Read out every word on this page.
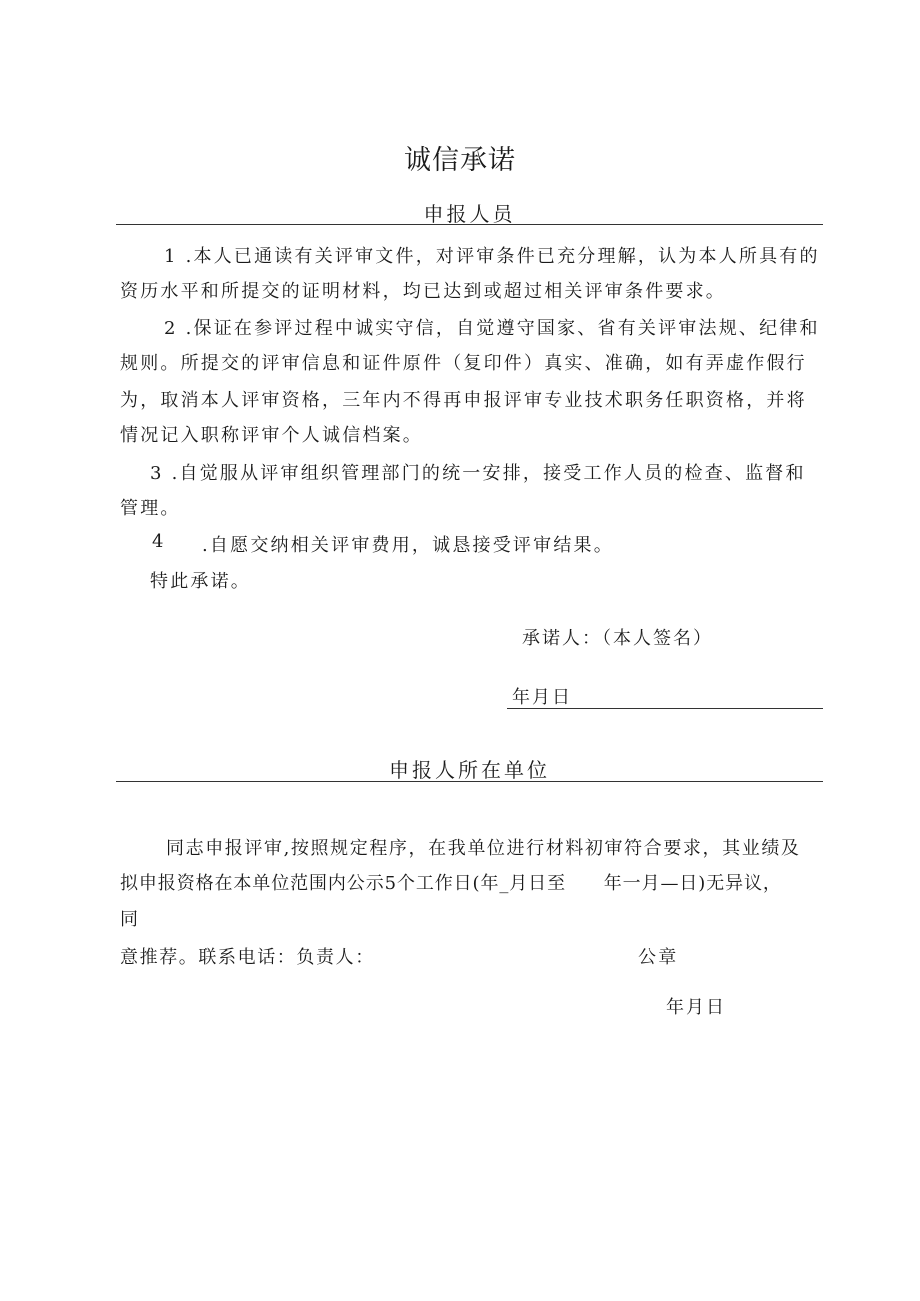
诚信承诺
申报人员
1 .本人已通读有关评审文件，对评审条件已充分理解，认为本人所具有的
资历水平和所提交的证明材料，均已达到或超过相关评审条件要求。
2 .保证在参评过程中诚实守信，自觉遵守国家、省有关评审法规、纪律和
规则。所提交的评审信息和证件原件（复印件）真实、准确，如有弄虚作假行
为，取消本人评审资格，三年内不得再申报评审专业技术职务任职资格，并将
情况记入职称评审个人诚信档案。
3 .自觉服从评审组织管理部门的统一安排，接受工作人员的检查、监督和
管理。
4 .自愿交纳相关评审费用，诚恳接受评审结果。
特此承诺。
承诺人：（本人签名）
年月日
申报人所在单位
同志申报评审,按照规定程序，在我单位进行材料初审符合要求，其业绩及
拟申报资格在本单位范围内公示5个工作日(年_月日至　　年一月—日)无异议，
同
意推荐。联系电话：负责人：	公章
年月日
